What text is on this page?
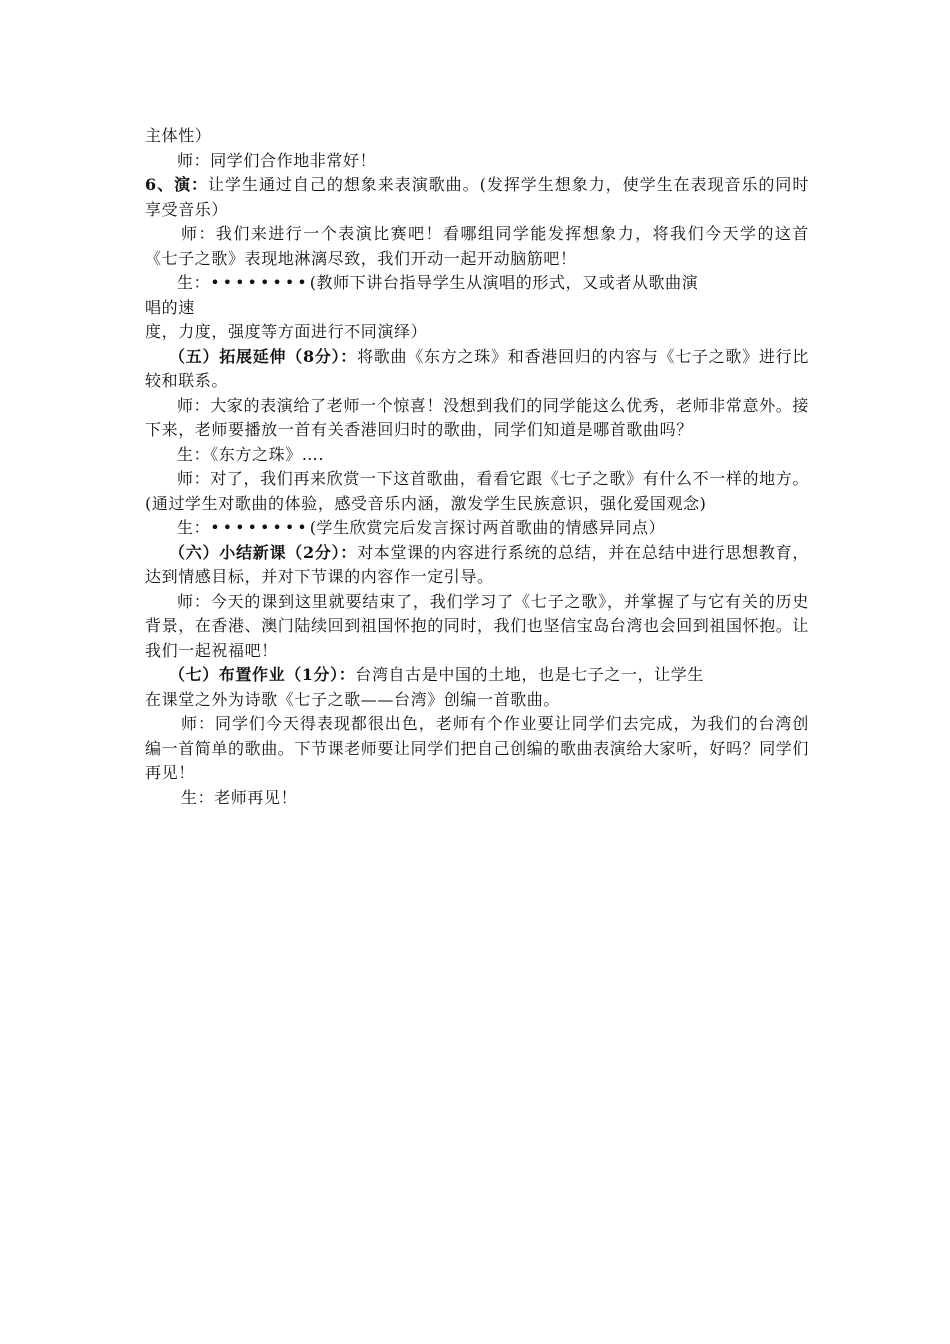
主体性）

师：同学们合作地非常好！

6、演：让学生通过自己的想象来表演歌曲。(发挥学生想象力，使学生在表现音乐的同时享受音乐）

师：我们来进行一个表演比赛吧！看哪组同学能发挥想象力，将我们今天学的这首《七子之歌》表现地淋漓尽致，我们开动一起开动脑筋吧！

生：••••••••(教师下讲台指导学生从演唱的形式，又或者从歌曲演

唱的速

度，力度，强度等方面进行不同演绎）

（五）拓展延伸（8分）：将歌曲《东方之珠》和香港回归的内容与《七子之歌》进行比较和联系。

师：大家的表演给了老师一个惊喜！没想到我们的同学能这么优秀，老师非常意外。接下来，老师要播放一首有关香港回归时的歌曲，同学们知道是哪首歌曲吗？

生：《东方之珠》….

师：对了，我们再来欣赏一下这首歌曲，看看它跟《七子之歌》有什么不一样的地方。(通过学生对歌曲的体验，感受音乐内涵，激发学生民族意识，强化爱国观念)

生：••••••••(学生欣赏完后发言探讨两首歌曲的情感异同点）

（六）小结新课（2分）：对本堂课的内容进行系统的总结，并在总结中进行思想教育，达到情感目标，并对下节课的内容作一定引导。

师：今天的课到这里就要结束了，我们学习了《七子之歌》，并掌握了与它有关的历史背景，在香港、澳门陆续回到祖国怀抱的同时，我们也坚信宝岛台湾也会回到祖国怀抱。让我们一起祝福吧！

（七）布置作业（1分）：台湾自古是中国的土地，也是七子之一，让学生

在课堂之外为诗歌《七子之歌——台湾》创编一首歌曲。

师：同学们今天得表现都很出色，老师有个作业要让同学们去完成，为我们的台湾创编一首简单的歌曲。下节课老师要让同学们把自己创编的歌曲表演给大家听，好吗？同学们再见！

生：老师再见！
